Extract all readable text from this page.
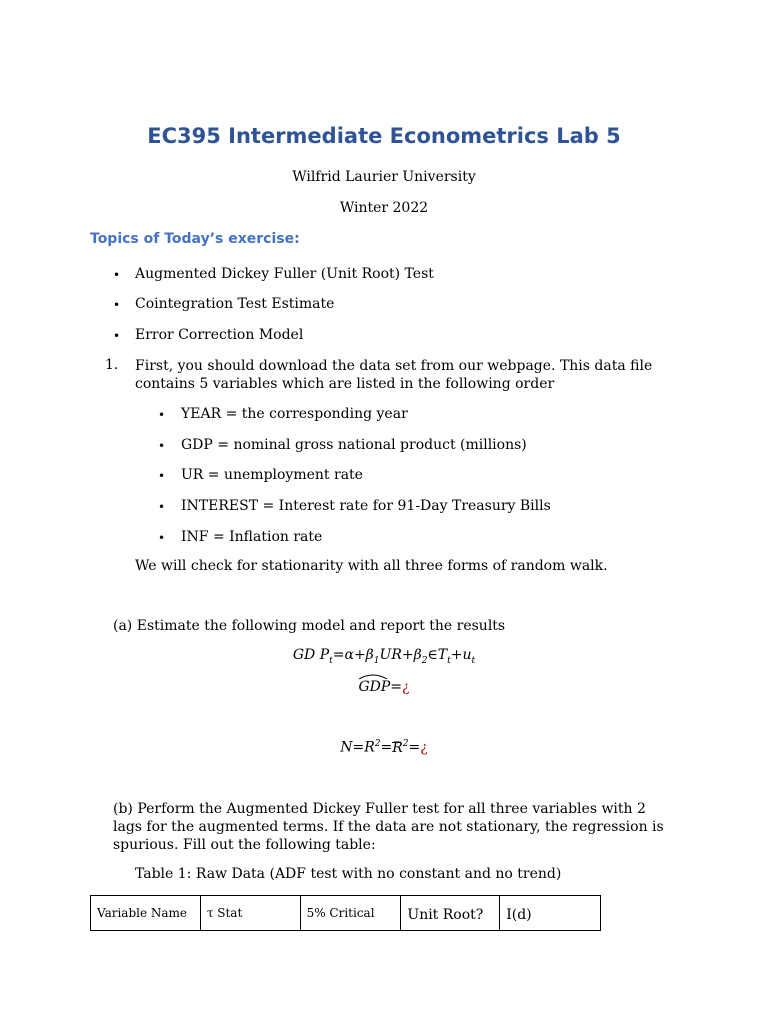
EC395 Intermediate Econometrics Lab 5
Wilfrid Laurier University
Winter 2022
Topics of Today’s exercise:
• Augmented Dickey Fuller (Unit Root) Test
• Cointegration Test Estimate
• Error Correction Model
1. First, you should download the data set from our webpage. This data file contains 5 variables which are listed in the following order
• YEAR = the corresponding year
• GDP = nominal gross national product (millions)
• UR = unemployment rate
• INTEREST = Interest rate for 91-Day Treasury Bills
• INF = Inflation rate
We will check for stationarity with all three forms of random walk.
(a) Estimate the following model and report the results
GD $P_t=\alpha+\beta_1UR+\beta_2\in T_t+u_t$
GDP=¿
$N=R^2=R^2=¿$
(b) Perform the Augmented Dickey Fuller test for all three variables with 2 lags for the augmented terms. If the data are not stationary, the regression is spurious. Fill out the following table:
Table 1: Raw Data (ADF test with no constant and no trend)
Variable Name	τ Stat	5% Critical	Unit Root?	I(d)
